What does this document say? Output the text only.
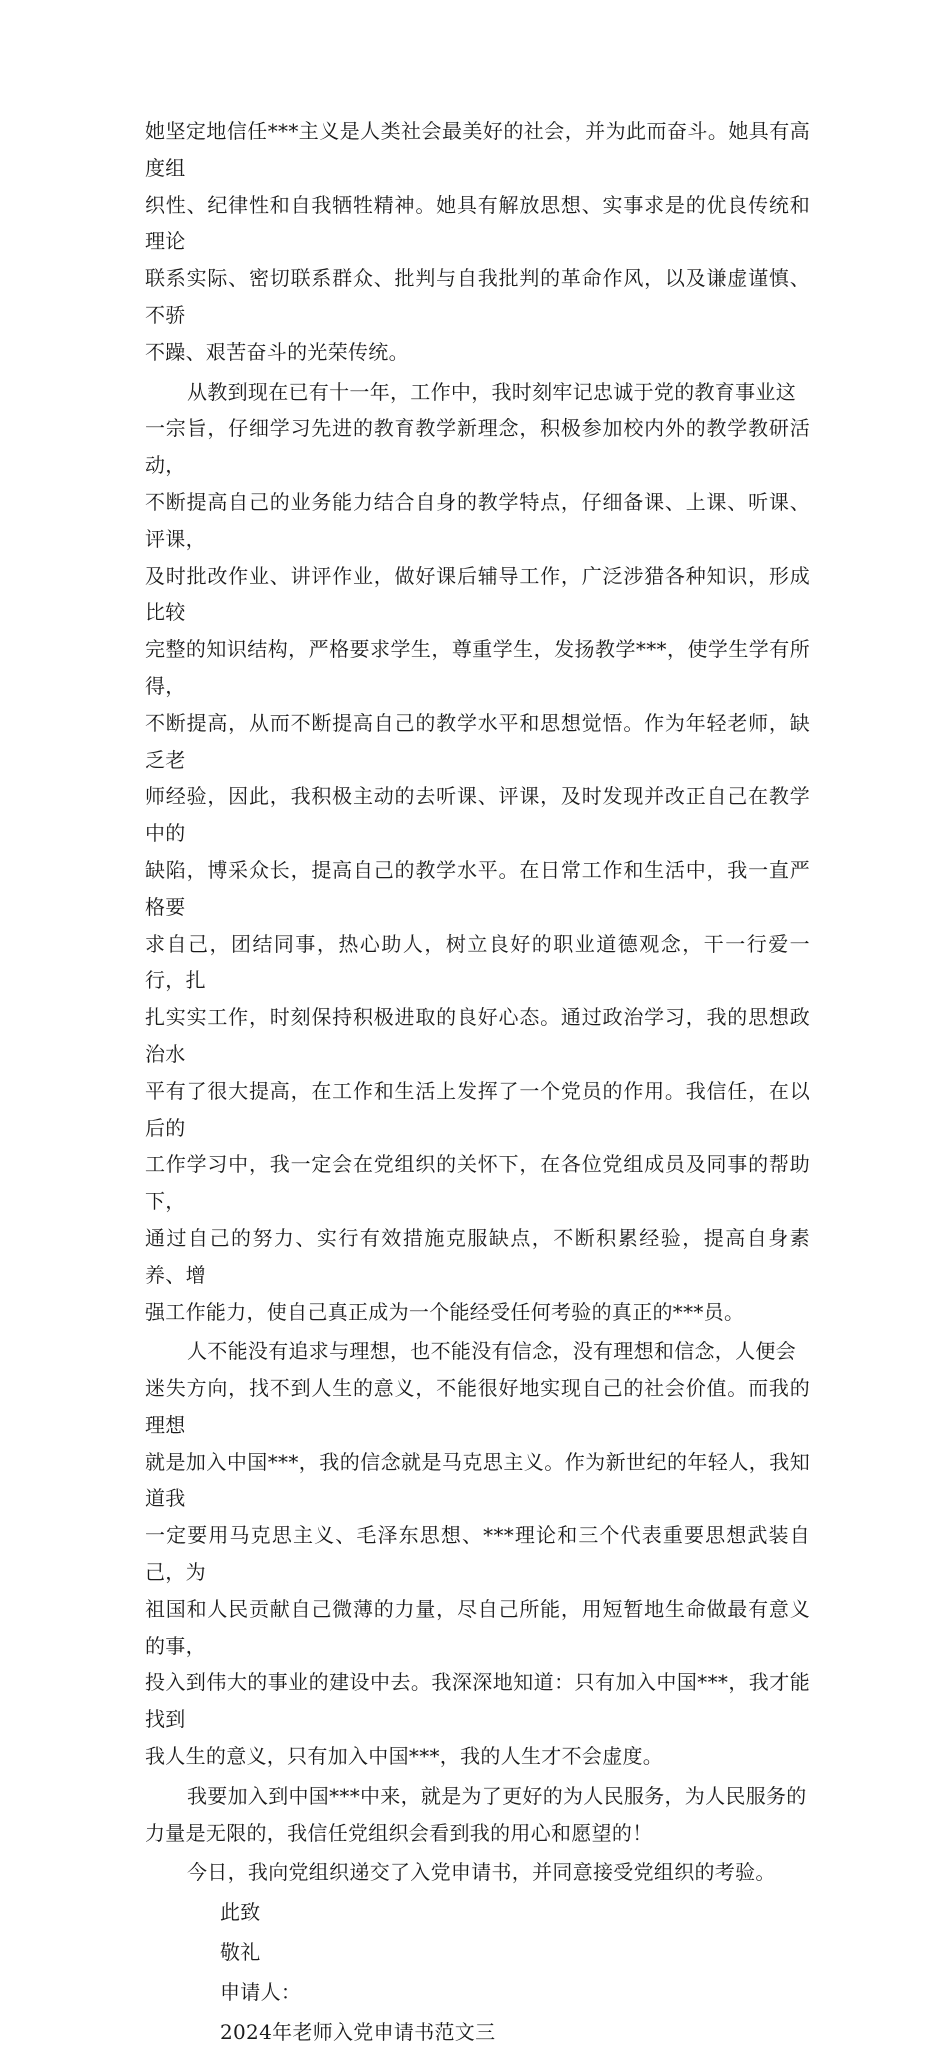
她坚定地信任***主义是人类社会最美好的社会，并为此而奋斗。她具有高度组
织性、纪律性和自我牺牲精神。她具有解放思想、实事求是的优良传统和理论
联系实际、密切联系群众、批判与自我批判的革命作风，以及谦虚谨慎、不骄
不躁、艰苦奋斗的光荣传统。

从教到现在已有十一年，工作中，我时刻牢记忠诚于党的教育事业这
一宗旨，仔细学习先进的教育教学新理念，积极参加校内外的教学教研活动，
不断提高自己的业务能力结合自身的教学特点，仔细备课、上课、听课、评课，
及时批改作业、讲评作业，做好课后辅导工作，广泛涉猎各种知识，形成比较
完整的知识结构，严格要求学生，尊重学生，发扬教学***，使学生学有所得，
不断提高，从而不断提高自己的教学水平和思想觉悟。作为年轻老师，缺乏老
师经验，因此，我积极主动的去听课、评课，及时发现并改正自己在教学中的
缺陷，博采众长，提高自己的教学水平。在日常工作和生活中，我一直严格要
求自己，团结同事，热心助人，树立良好的职业道德观念，干一行爱一行，扎
扎实实工作，时刻保持积极进取的良好心态。通过政治学习，我的思想政治水
平有了很大提高，在工作和生活上发挥了一个党员的作用。我信任，在以后的
工作学习中，我一定会在党组织的关怀下，在各位党组成员及同事的帮助下，
通过自己的努力、实行有效措施克服缺点，不断积累经验，提高自身素养、增
强工作能力，使自己真正成为一个能经受任何考验的真正的***员。

人不能没有追求与理想，也不能没有信念，没有理想和信念，人便会
迷失方向，找不到人生的意义，不能很好地实现自己的社会价值。而我的理想
就是加入中国***，我的信念就是马克思主义。作为新世纪的年轻人，我知道我
一定要用马克思主义、毛泽东思想、***理论和三个代表重要思想武装自己，为
祖国和人民贡献自己微薄的力量，尽自己所能，用短暂地生命做最有意义的事，
投入到伟大的事业的建设中去。我深深地知道：只有加入中国***，我才能找到
我人生的意义，只有加入中国***，我的人生才不会虚度。

我要加入到中国***中来，就是为了更好的为人民服务，为人民服务的
力量是无限的，我信任党组织会看到我的用心和愿望的！

今日，我向党组织递交了入党申请书，并同意接受党组织的考验。

此致

敬礼

申请人：

2024年老师入党申请书范文三
